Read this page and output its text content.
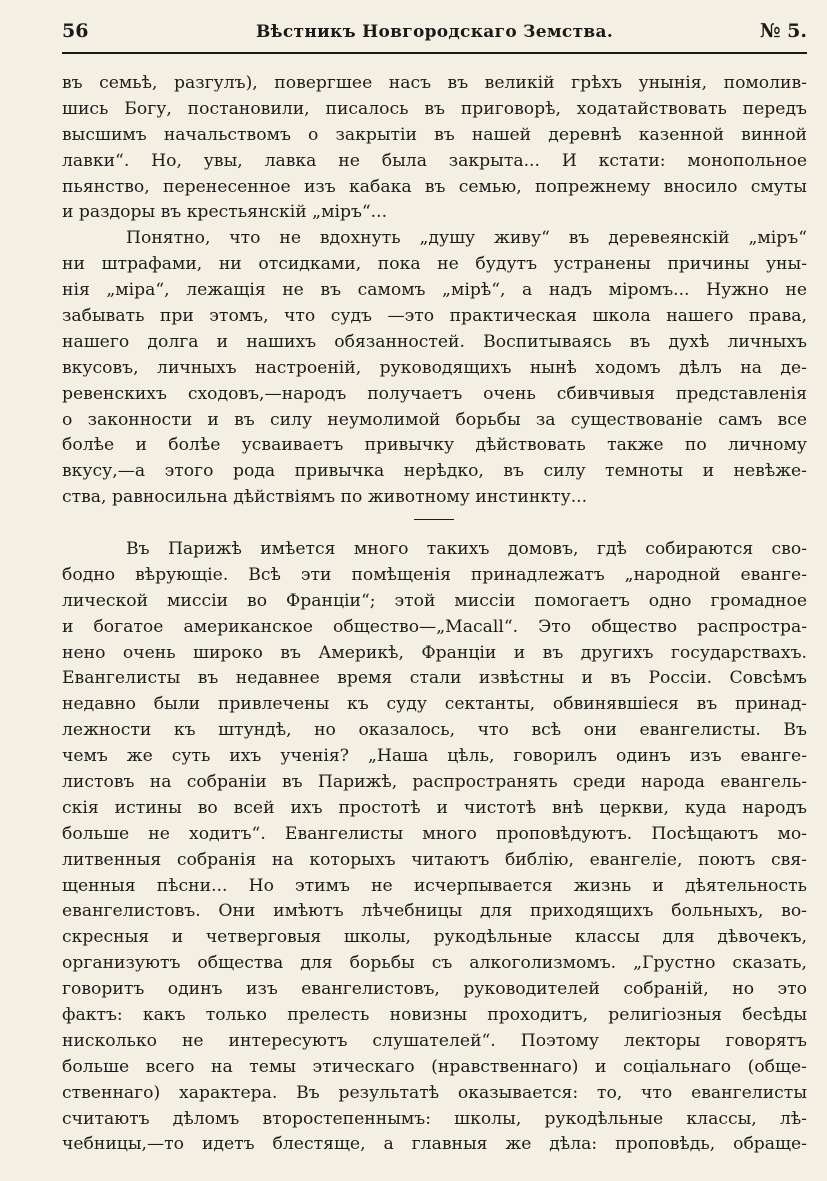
56	Вѣстникъ Новгородскаго Земства.	№ 5.
въ семьѣ, разгулъ), повергшее насъ въ великій грѣхъ унынія, помолив-
шись Богу, постановили, писалось въ приговорѣ, ходатайствовать передъ
высшимъ начальствомъ о закрытіи въ нашей деревнѣ казенной винной
лавки“. Но, увы, лавка не была закрыта... И кстати: монопольное
пьянство, перенесенное изъ кабака въ семью, попрежнему вносило смуты
и раздоры въ крестьянскій „міръ“...
Понятно, что не вдохнуть „душу живу“ въ деревеянскій „міръ“
ни штрафами, ни отсидками, пока не будутъ устранены причины уны-
нія „міра“, лежащія не въ самомъ „мірѣ“, а надъ міромъ... Нужно не
забывать при этомъ, что судъ —это практическая школа нашего права,
нашего долга и нашихъ обязанностей. Воспитываясь въ духѣ личныхъ
вкусовъ, личныхъ настроеній, руководящихъ нынѣ ходомъ дѣлъ на де-
ревенскихъ сходовъ,—народъ получаетъ очень сбивчивыя представленія
о законности и въ силу неумолимой борьбы за существованіе самъ все
болѣе и болѣе усваиваетъ привычку дѣйствовать также по личному
вкусу,—а этого рода привычка нерѣдко, въ силу темноты и невѣже-
ства, равносильна дѣйствіямъ по животному инстинкту...
Въ Парижѣ имѣется много такихъ домовъ, гдѣ собираются сво-
бодно вѣрующіе. Всѣ эти помѣщенія принадлежатъ „народной еванге-
лической миссіи во Франціи“; этой миссіи помогаетъ одно громадное
и богатое американское общество—„Macall“. Это общество распростра-
нено очень широко въ Америкѣ, Франціи и въ другихъ государствахъ.
Евангелисты въ недавнее время стали извѣстны и въ Россіи. Совсѣмъ
недавно были привлечены къ суду сектанты, обвинявшіеся въ принад-
лежности къ штундѣ, но оказалось, что всѣ они евангелисты. Въ
чемъ же суть ихъ ученія? „Наша цѣль, говорилъ одинъ изъ еванге-
листовъ на собраніи въ Парижѣ, распространять среди народа евангель-
скія истины во всей ихъ простотѣ и чистотѣ внѣ церкви, куда народъ
больше не ходитъ“. Евангелисты много проповѣдуютъ. Посѣщаютъ мо-
литвенныя собранія на которыхъ читаютъ библію, евангеліе, поютъ свя-
щенныя пѣсни... Но этимъ не исчерпывается жизнь и дѣятельность
евангелистовъ. Они имѣютъ лѣчебницы для приходящихъ больныхъ, во-
скресныя и четверговыя школы, рукодѣльные классы для дѣвочекъ,
организуютъ общества для борьбы съ алкоголизмомъ. „Грустно сказать,
говоритъ одинъ изъ евангелистовъ, руководителей собраній, но это
фактъ: какъ только прелесть новизны проходитъ, религіозныя бесѣды
нисколько не интересуютъ слушателей“. Поэтому лекторы говорятъ
больше всего на темы этическаго (нравственнаго) и соціальнаго (обще-
ственнаго) характера. Въ результатѣ оказывается: то, что евангелисты
считаютъ дѣломъ второстепеннымъ: школы, рукодѣльные классы, лѣ-
чебницы,—то идетъ блестяще, а главныя же дѣла: проповѣдь, обраще-
